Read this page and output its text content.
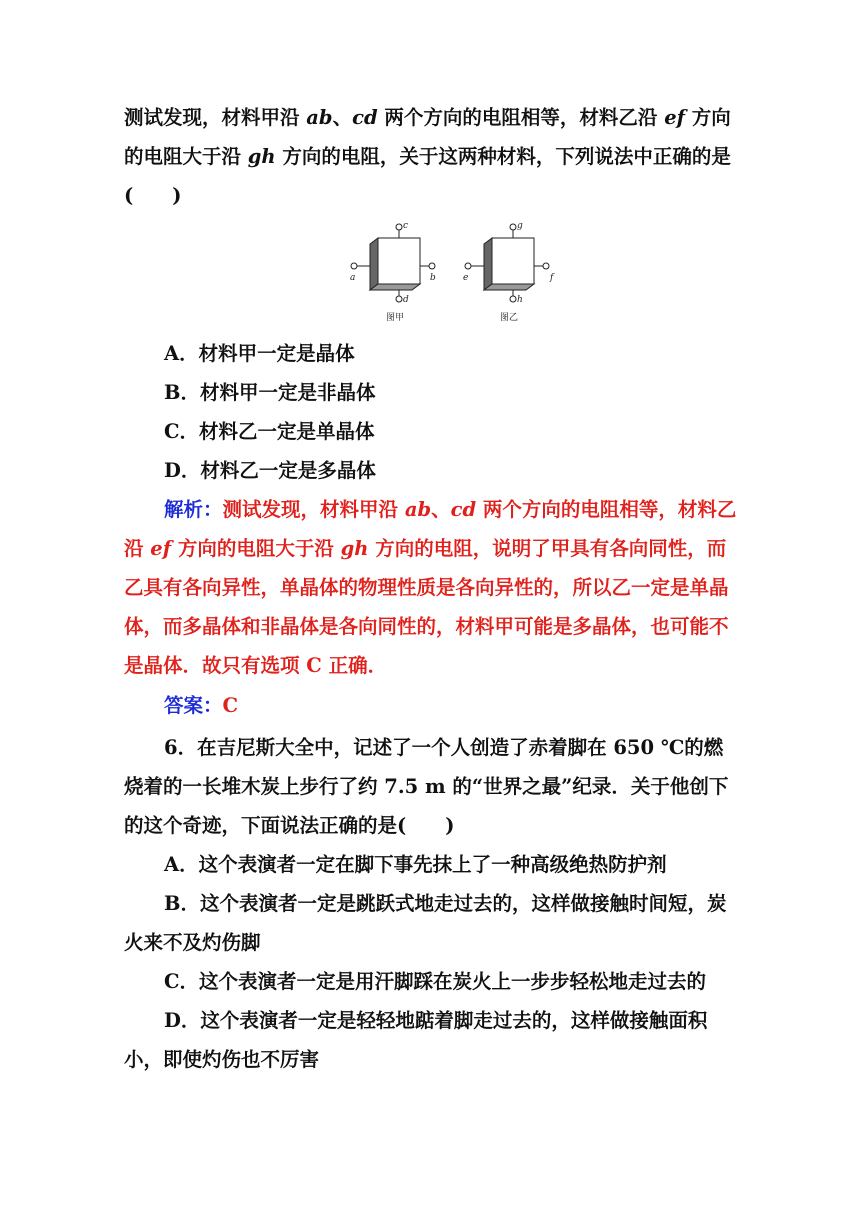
测试发现，材料甲沿 ab、cd 两个方向的电阻相等，材料乙沿 ef 方向的电阻大于沿 gh 方向的电阻，关于这两种材料，下列说法中正确的是
(　　)
a	b
c
d
图甲
e	f
g
h
图乙
A．材料甲一定是晶体
B．材料甲一定是非晶体
C．材料乙一定是单晶体
D．材料乙一定是多晶体
解析：测试发现，材料甲沿 ab、cd 两个方向的电阻相等，材料乙沿 ef 方向的电阻大于沿 gh 方向的电阻，说明了甲具有各向同性，而乙具有各向异性，单晶体的物理性质是各向异性的，所以乙一定是单晶体，而多晶体和非晶体是各向同性的，材料甲可能是多晶体，也可能不是晶体．故只有选项 C 正确．
答案：C
6．在吉尼斯大全中，记述了一个人创造了赤着脚在 650 ℃的燃烧着的一长堆木炭上步行了约 7.5 m 的“世界之最”纪录．关于他创下的这个奇迹，下面说法正确的是(　　)
A．这个表演者一定在脚下事先抹上了一种高级绝热防护剂
B．这个表演者一定是跳跃式地走过去的，这样做接触时间短，炭火来不及灼伤脚
C．这个表演者一定是用汗脚踩在炭火上一步步轻松地走过去的
D．这个表演者一定是轻轻地踮着脚走过去的，这样做接触面积小，即使灼伤也不厉害
